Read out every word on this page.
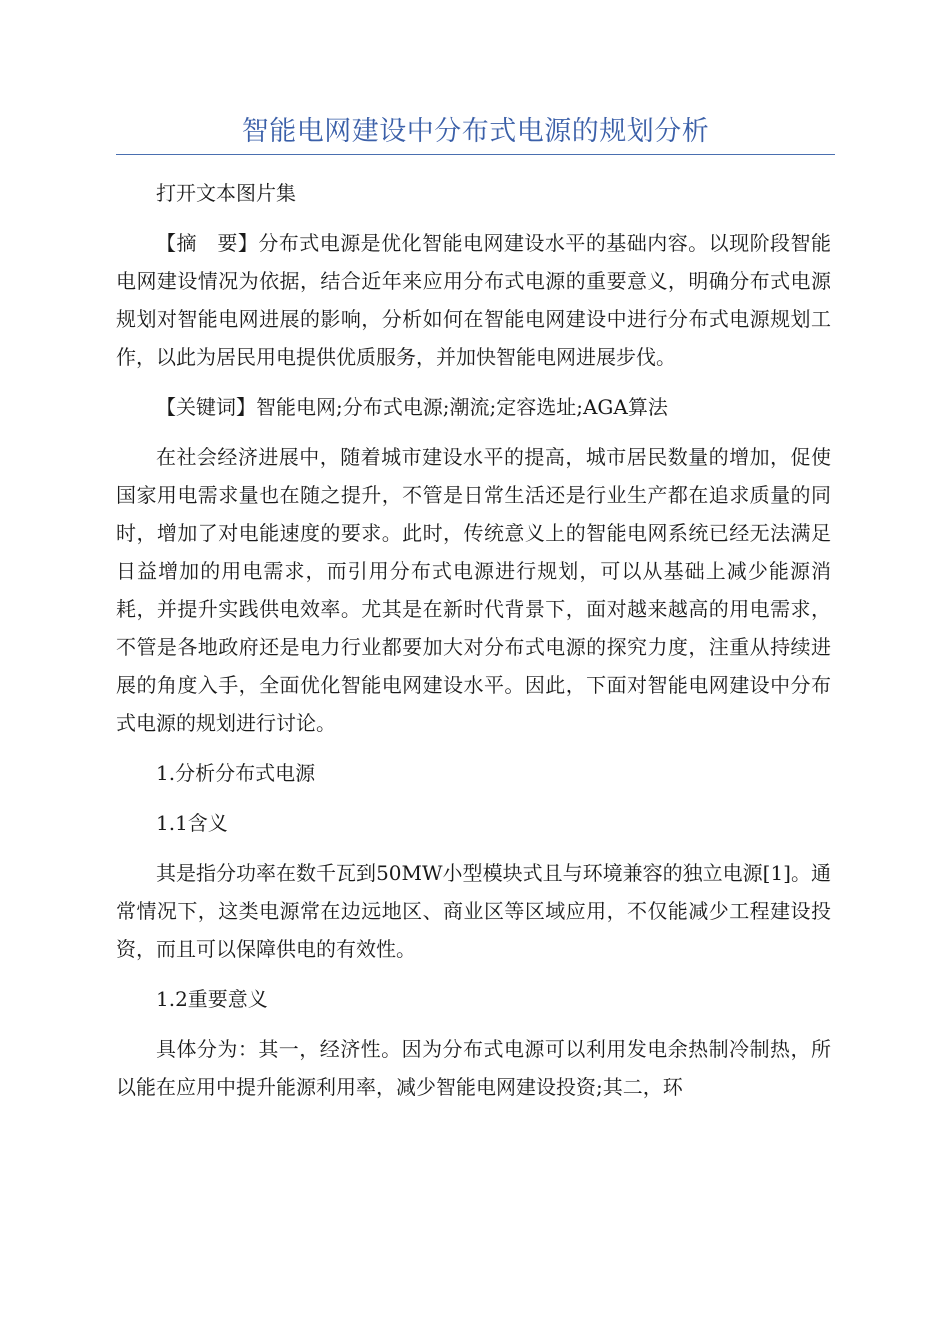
智能电网建设中分布式电源的规划分析

打开文本图片集

【摘　要】分布式电源是优化智能电网建设水平的基础内容。以现阶段智能电网建设情况为依据，结合近年来应用分布式电源的重要意义，明确分布式电源规划对智能电网进展的影响，分析如何在智能电网建设中进行分布式电源规划工作，以此为居民用电提供优质服务，并加快智能电网进展步伐。

【关键词】智能电网;分布式电源;潮流;定容选址;AGA算法

在社会经济进展中，随着城市建设水平的提高，城市居民数量的增加，促使国家用电需求量也在随之提升，不管是日常生活还是行业生产都在追求质量的同时，增加了对电能速度的要求。此时，传统意义上的智能电网系统已经无法满足日益增加的用电需求，而引用分布式电源进行规划，可以从基础上减少能源消耗，并提升实践供电效率。尤其是在新时代背景下，面对越来越高的用电需求，不管是各地政府还是电力行业都要加大对分布式电源的探究力度，注重从持续进展的角度入手，全面优化智能电网建设水平。因此，下面对智能电网建设中分布式电源的规划进行讨论。

1.分析分布式电源

1.1含义

其是指分功率在数千瓦到50MW小型模块式且与环境兼容的独立电源[1]。通常情况下，这类电源常在边远地区、商业区等区域应用，不仅能减少工程建设投资，而且可以保障供电的有效性。

1.2重要意义

具体分为：其一，经济性。因为分布式电源可以利用发电余热制冷制热，所以能在应用中提升能源利用率，减少智能电网建设投资;其二，环
